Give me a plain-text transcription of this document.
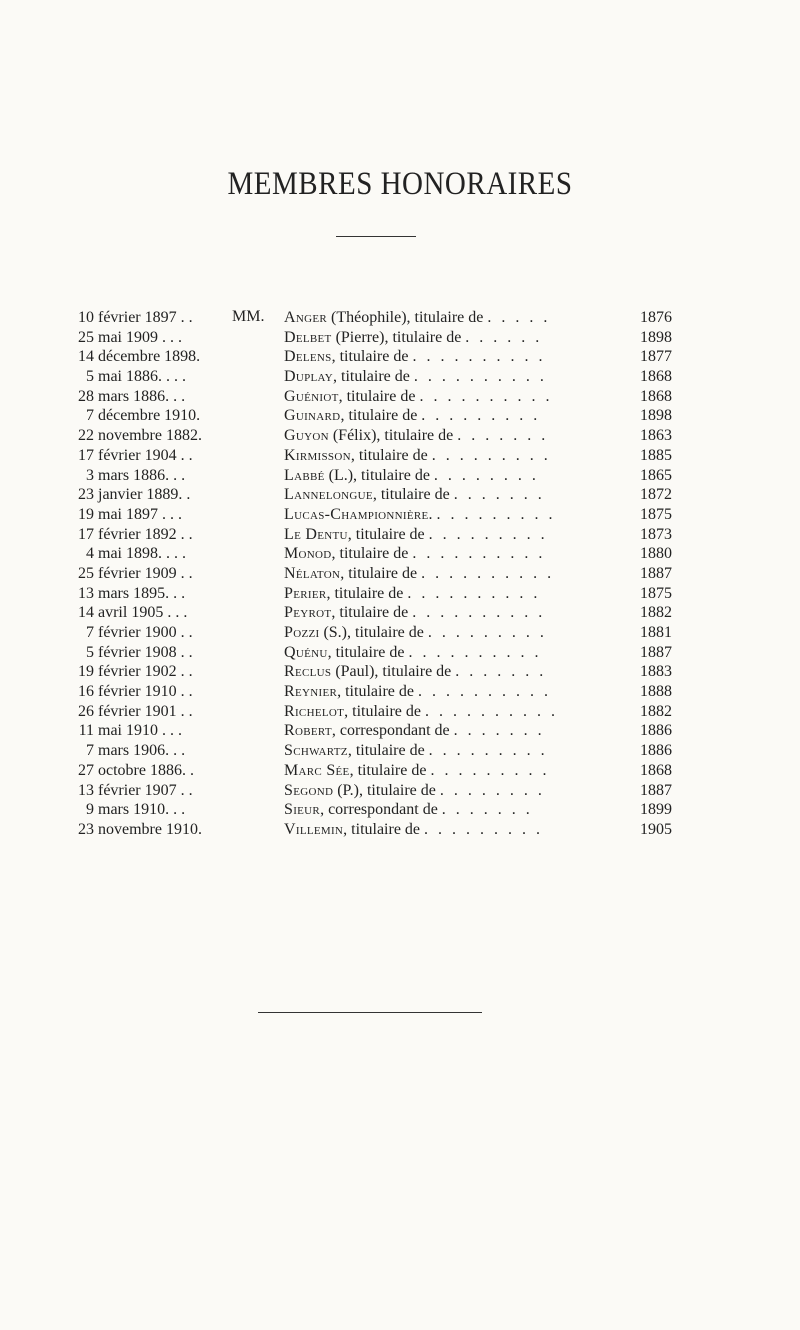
MEMBRES HONORAIRES
MM.
10 février 1897 . .	Anger (Théophile), titulaire de . . . . .	1876
25 mai 1909 . . .	Delbet (Pierre), titulaire de . . . . . .	1898
14 décembre 1898.	Delens, titulaire de . . . . . . . . . .	1877
5 mai 1886. . . .	Duplay, titulaire de . . . . . . . . . .	1868
28 mars 1886. . .	Guéniot, titulaire de . . . . . . . . . .	1868
7 décembre 1910.	Guinard, titulaire de . . . . . . . . .	1898
22 novembre 1882.	Guyon (Félix), titulaire de . . . . . . .	1863
17 février 1904 . .	Kirmisson, titulaire de . . . . . . . . .	1885
3 mars 1886. . .	Labbé (L.), titulaire de . . . . . . . .	1865
23 janvier 1889. .	Lannelongue, titulaire de . . . . . . .	1872
19 mai 1897 . . .	Lucas-Championnière. . . . . . . . . .	1875
17 février 1892 . .	Le Dentu, titulaire de . . . . . . . . .	1873
4 mai 1898. . . .	Monod, titulaire de . . . . . . . . . .	1880
25 février 1909 . .	Nélaton, titulaire de . . . . . . . . . .	1887
13 mars 1895. . .	Perier, titulaire de . . . . . . . . . .	1875
14 avril 1905 . . .	Peyrot, titulaire de . . . . . . . . . .	1882
7 février 1900 . .	Pozzi (S.), titulaire de . . . . . . . . .	1881
5 février 1908 . .	Quénu, titulaire de . . . . . . . . . .	1887
19 février 1902 . .	Reclus (Paul), titulaire de . . . . . . .	1883
16 février 1910 . .	Reynier, titulaire de . . . . . . . . . .	1888
26 février 1901 . .	Richelot, titulaire de . . . . . . . . . .	1882
11 mai 1910 . . .	Robert, correspondant de . . . . . . .	1886
7 mars 1906. . .	Schwartz, titulaire de . . . . . . . . .	1886
27 octobre 1886. .	Marc Sée, titulaire de . . . . . . . . .	1868
13 février 1907 . .	Segond (P.), titulaire de . . . . . . . .	1887
9 mars 1910. . .	Sieur, correspondant de . . . . . . .	1899
23 novembre 1910.	Villemin, titulaire de . . . . . . . . .	1905
